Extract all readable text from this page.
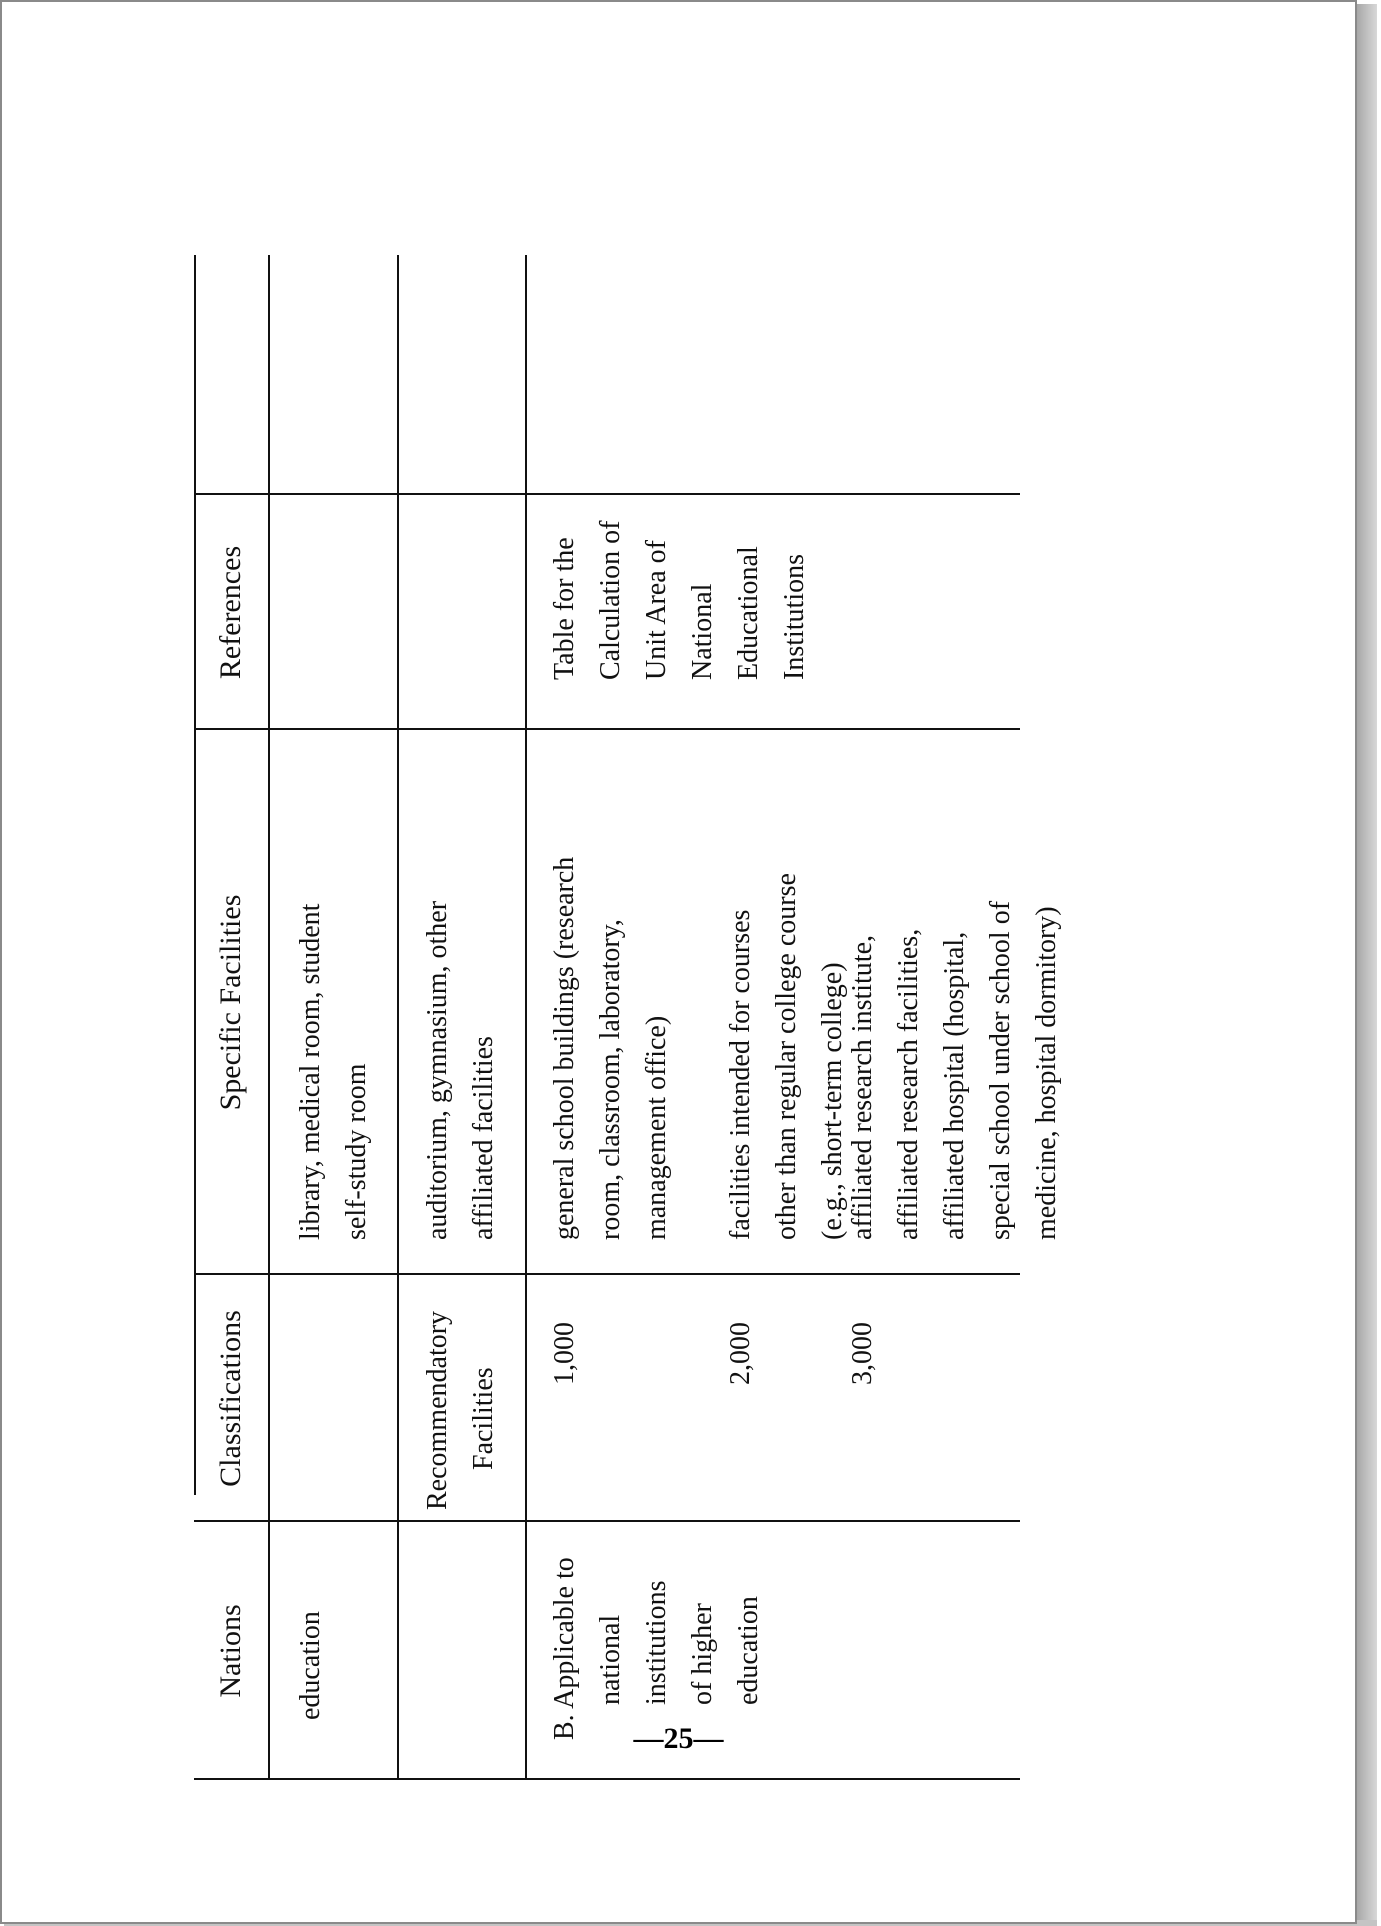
Nations
Classifications
Specific Facilities
References
education
library, medical room, student self-study room
Recommendatory Facilities
auditorium, gymnasium, other affiliated facilities
B. Applicable to national institutions of higher education
1,000	2,000	3,000
general school buildings (research room, classroom, laboratory, management office) facilities intended for courses other than regular college course (e.g., short-term college) affiliated research institute, affiliated research facilities, affiliated hospital (hospital, special school under school of medicine, hospital dormitory)
Table for the Calculation of Unit Area of National Educational Institutions
—25—
